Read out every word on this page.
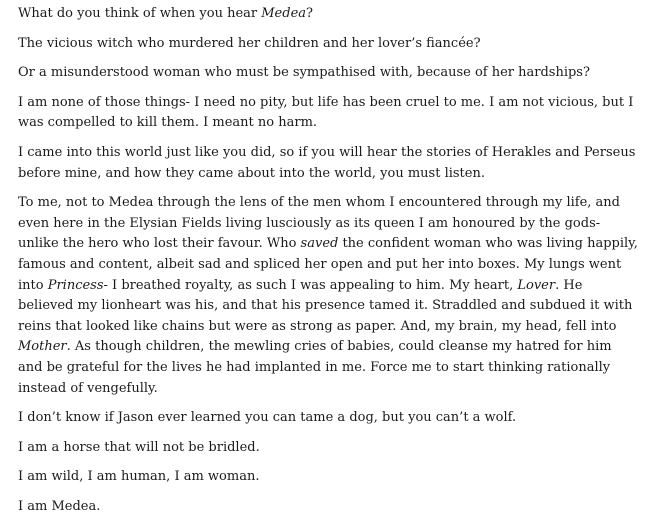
What do you think of when you hear Medea?

The vicious witch who murdered her children and her lover’s fiancée?

Or a misunderstood woman who must be sympathised with, because of her hardships?

I am none of those things- I need no pity, but life has been cruel to me. I am not vicious, but I was compelled to kill them. I meant no harm.

I came into this world just like you did, so if you will hear the stories of Herakles and Perseus before mine, and how they came about into the world, you must listen.

To me, not to Medea through the lens of the men whom I encountered through my life, and even here in the Elysian Fields living lusciously as its queen I am honoured by the gods- unlike the hero who lost their favour. Who saved the confident woman who was living happily, famous and content, albeit sad and spliced her open and put her into boxes. My lungs went into Princess- I breathed royalty, as such I was appealing to him. My heart, Lover. He believed my lionheart was his, and that his presence tamed it. Straddled and subdued it with reins that looked like chains but were as strong as paper. And, my brain, my head, fell into Mother. As though children, the mewling cries of babies, could cleanse my hatred for him and be grateful for the lives he had implanted in me. Force me to start thinking rationally instead of vengefully.

I don’t know if Jason ever learned you can tame a dog, but you can’t a wolf.

I am a horse that will not be bridled.

I am wild, I am human, I am woman.

I am Medea.
